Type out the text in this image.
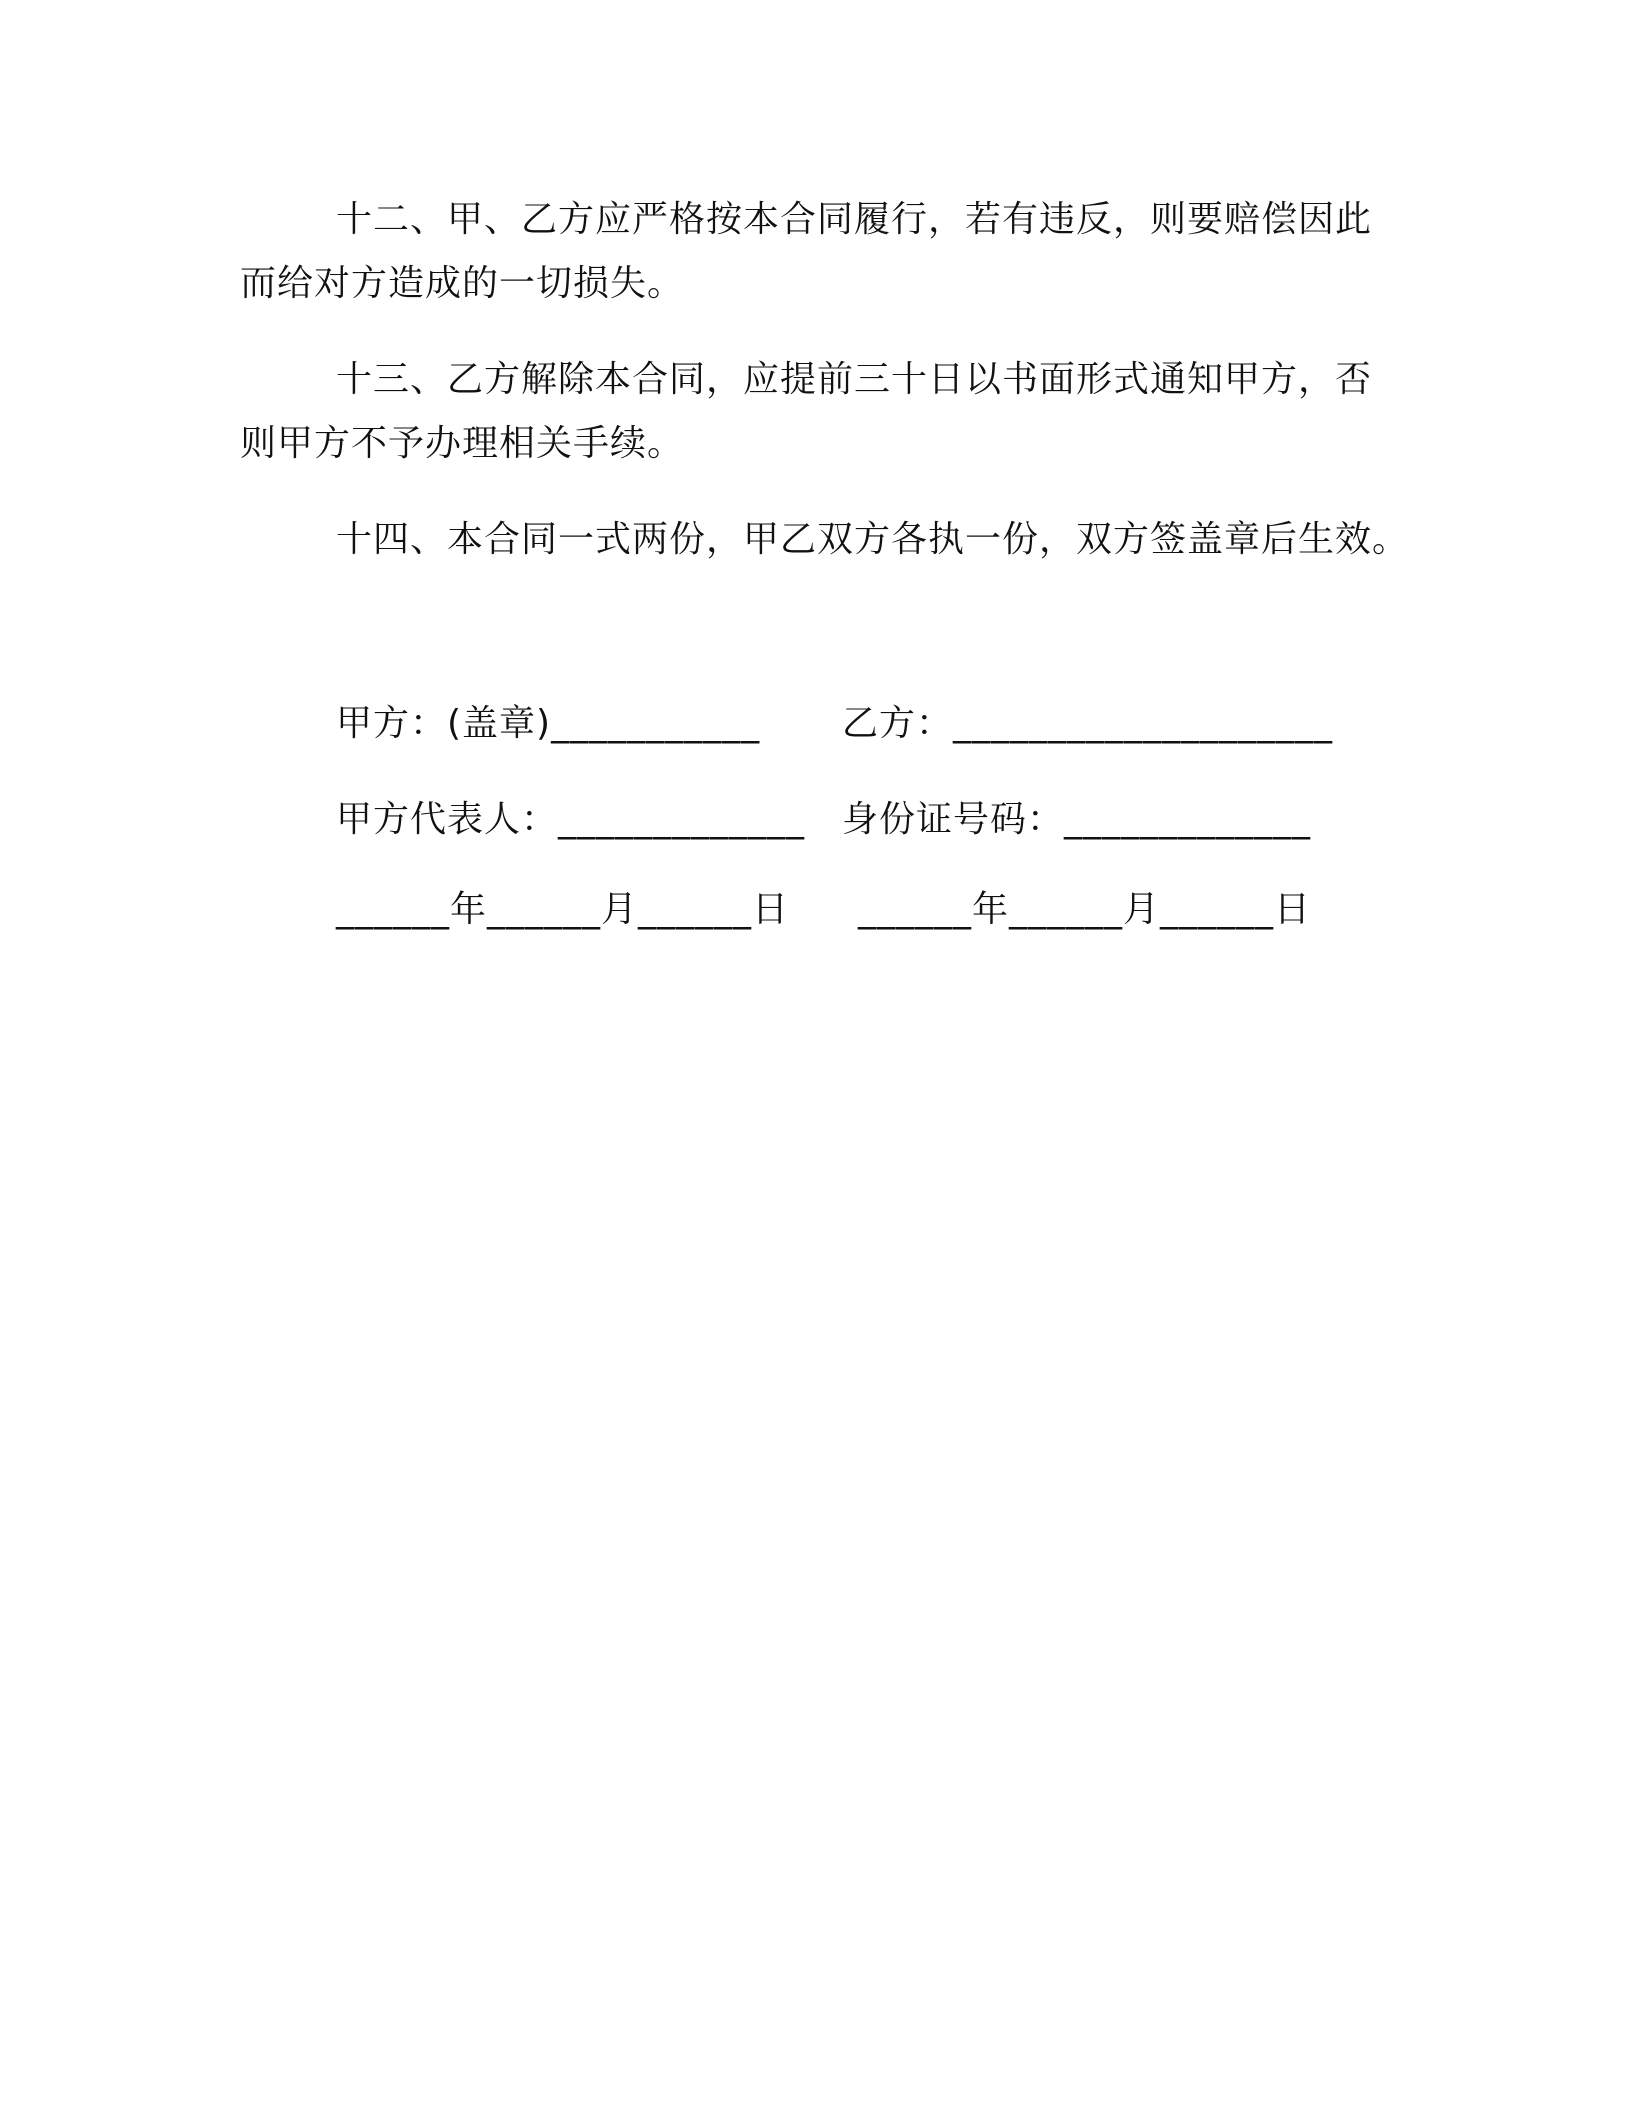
十二、甲、乙方应严格按本合同履行，若有违反，则要赔偿因此而给对方造成的一切损失。

十三、乙方解除本合同，应提前三十日以书面形式通知甲方，否则甲方不予办理相关手续。

十四、本合同一式两份，甲乙双方各执一份，双方签盖章后生效。

甲方：(盖章)___________ 乙方：____________________
甲方代表人：_____________ 身份证号码：_____________
______年______月______日 ______年______月______日
